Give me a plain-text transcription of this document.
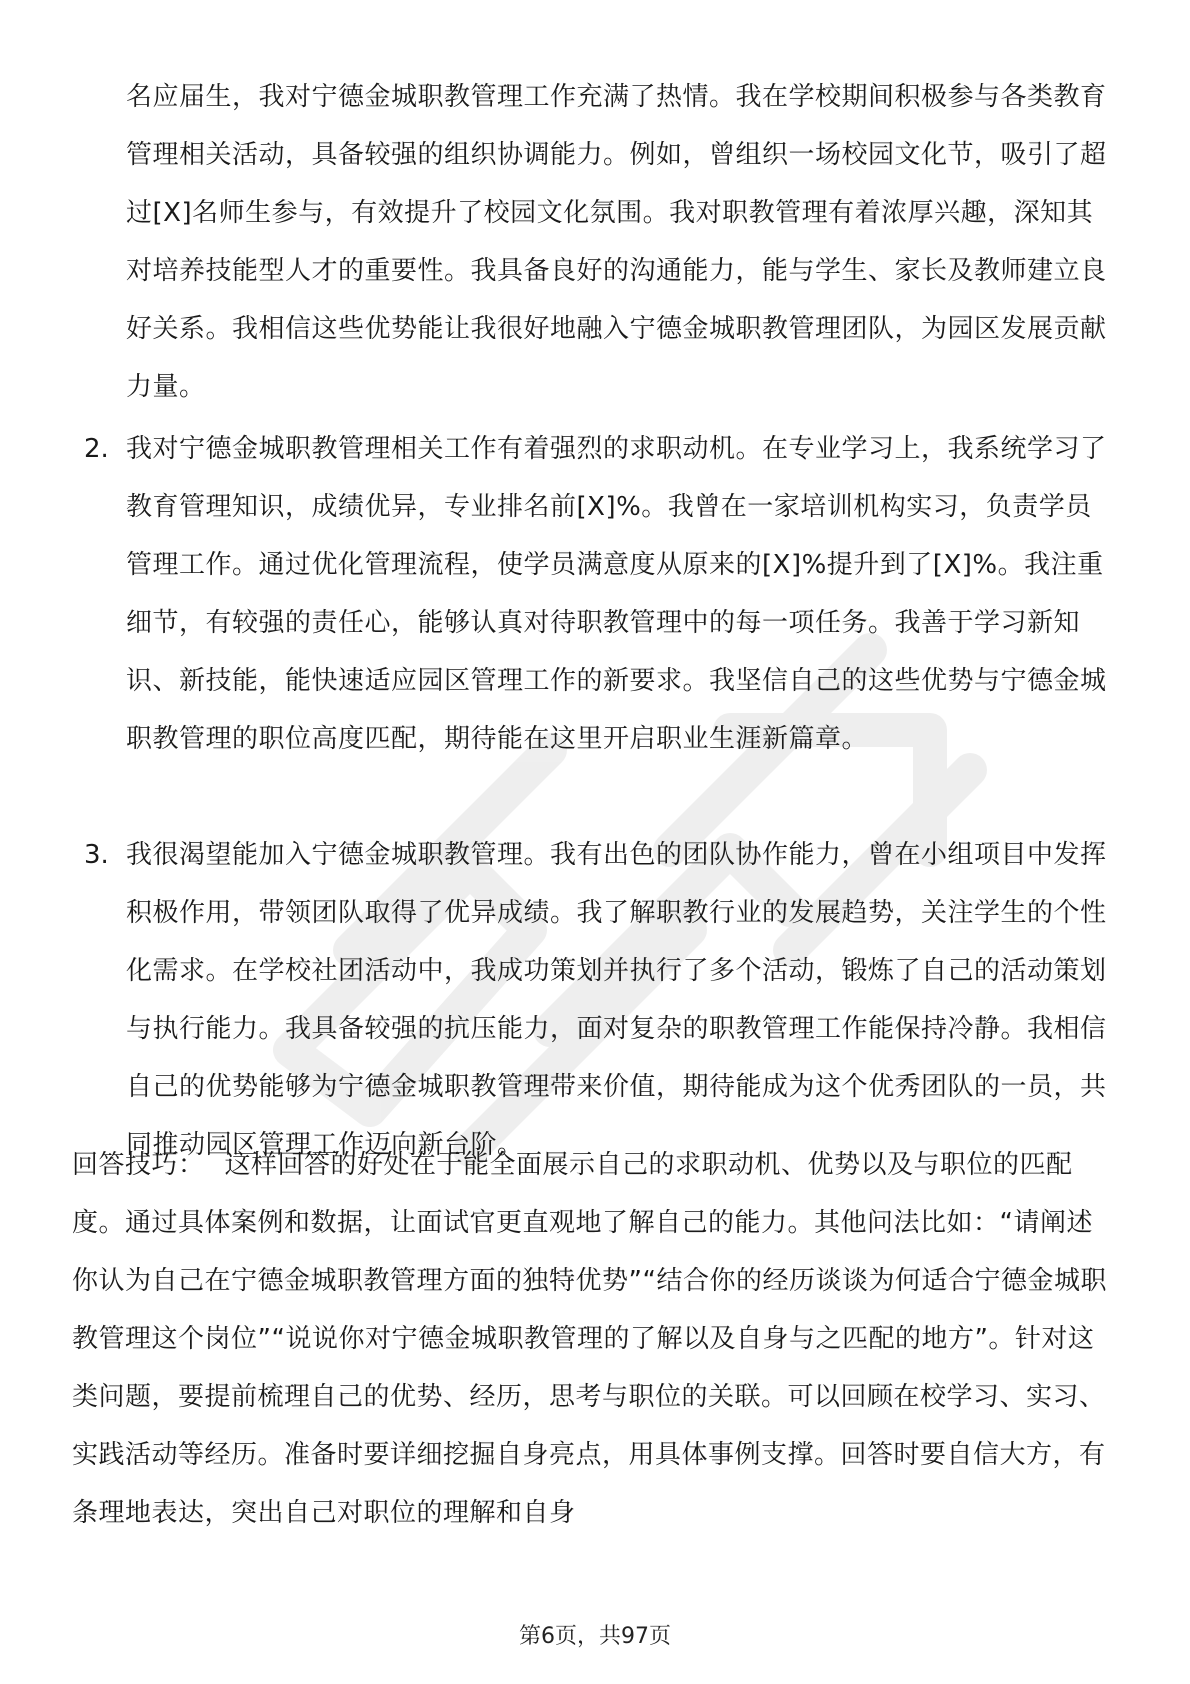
名应届生，我对宁德金城职教管理工作充满了热情。我在学校期间积极参与各类教育管理相关活动，具备较强的组织协调能力。例如，曾组织一场校园文化节，吸引了超过[X]名师生参与，有效提升了校园文化氛围。我对职教管理有着浓厚兴趣，深知其对培养技能型人才的重要性。我具备良好的沟通能力，能与学生、家长及教师建立良好关系。我相信这些优势能让我很好地融入宁德金城职教管理团队，为园区发展贡献力量。

2. 我对宁德金城职教管理相关工作有着强烈的求职动机。在专业学习上，我系统学习了教育管理知识，成绩优异，专业排名前[X]%。我曾在一家培训机构实习，负责学员管理工作。通过优化管理流程，使学员满意度从原来的[X]%提升到了[X]%。我注重细节，有较强的责任心，能够认真对待职教管理中的每一项任务。我善于学习新知识、新技能，能快速适应园区管理工作的新要求。我坚信自己的这些优势与宁德金城职教管理的职位高度匹配，期待能在这里开启职业生涯新篇章。

3. 我很渴望能加入宁德金城职教管理。我有出色的团队协作能力，曾在小组项目中发挥积极作用，带领团队取得了优异成绩。我了解职教行业的发展趋势，关注学生的个性化需求。在学校社团活动中，我成功策划并执行了多个活动，锻炼了自己的活动策划与执行能力。我具备较强的抗压能力，面对复杂的职教管理工作能保持冷静。我相信自己的优势能够为宁德金城职教管理带来价值，期待能成为这个优秀团队的一员，共同推动园区管理工作迈向新台阶。

回答技巧： 这样回答的好处在于能全面展示自己的求职动机、优势以及与职位的匹配度。通过具体案例和数据，让面试官更直观地了解自己的能力。其他问法比如：“请阐述你认为自己在宁德金城职教管理方面的独特优势”“结合你的经历谈谈为何适合宁德金城职教管理这个岗位”“说说你对宁德金城职教管理的了解以及自身与之匹配的地方”。针对这类问题，要提前梳理自己的优势、经历，思考与职位的关联。可以回顾在校学习、实习、实践活动等经历。准备时要详细挖掘自身亮点，用具体事例支撑。回答时要自信大方，有条理地表达，突出自己对职位的理解和自身

第6页，共97页
